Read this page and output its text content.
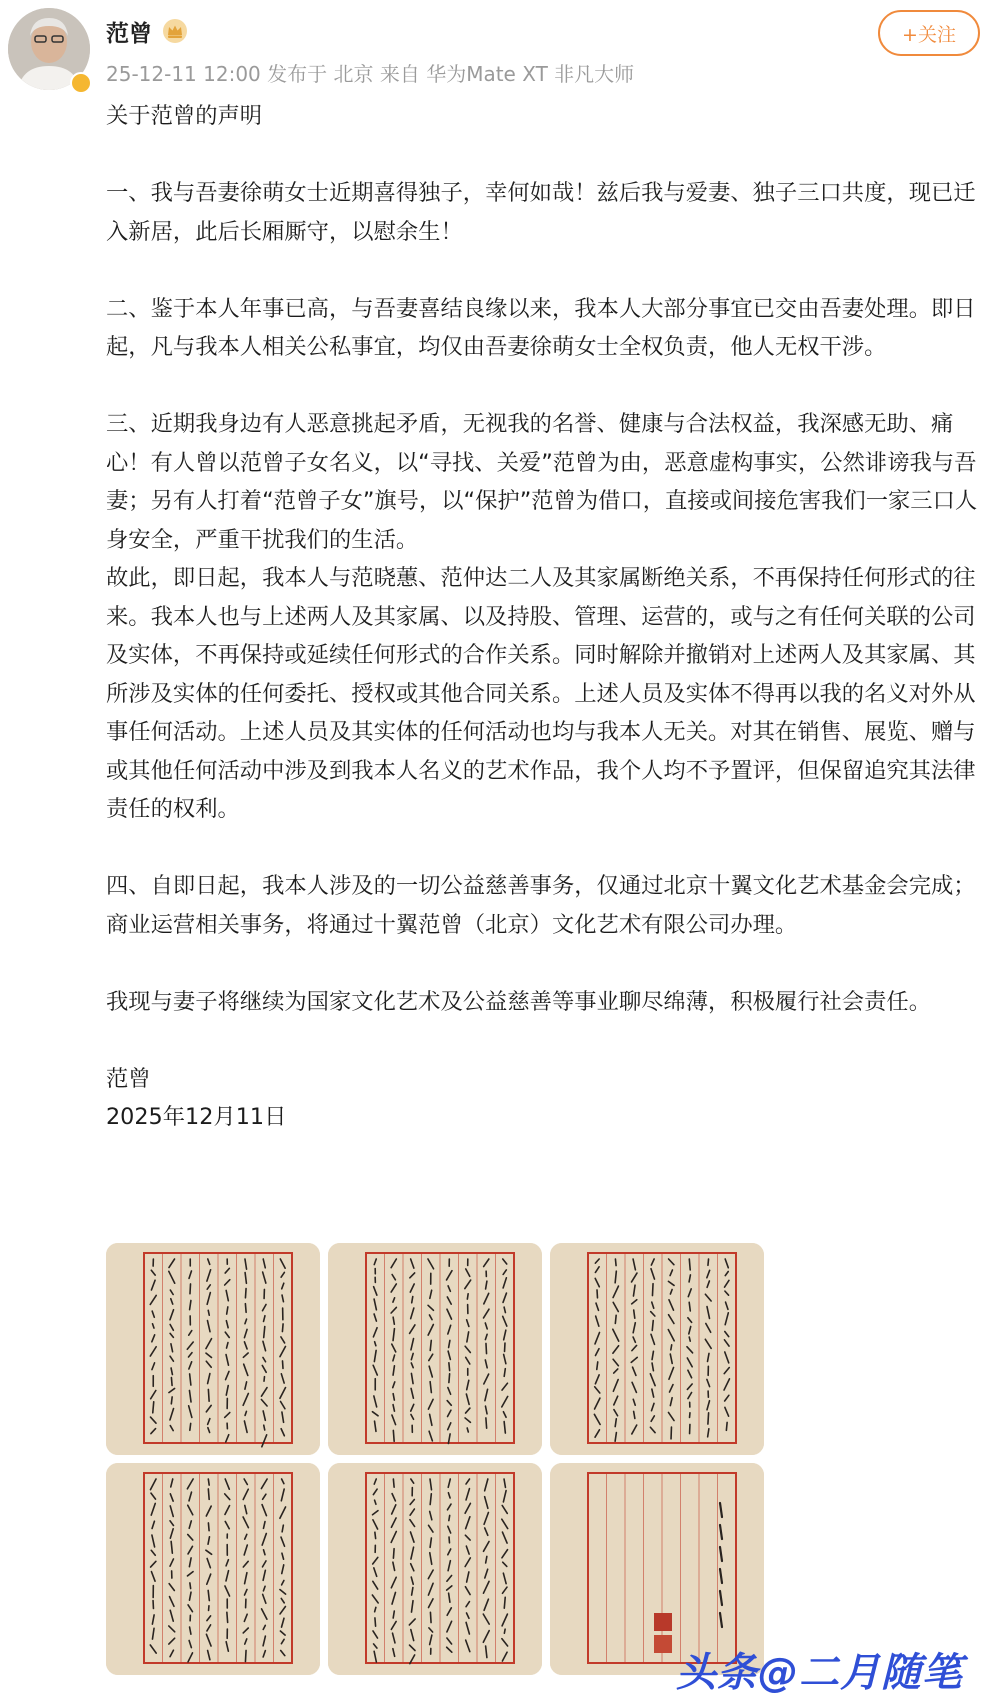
范曾
25-12-11 12:00 发布于 北京 来自 华为Mate XT 非凡大师
+关注

关于范曾的声明

一、我与吾妻徐萌女士近期喜得独子，幸何如哉！兹后我与爱妻、独子三口共度，现已迁入新居，此后长厢厮守，以慰余生！

二、鉴于本人年事已高，与吾妻喜结良缘以来，我本人大部分事宜已交由吾妻处理。即日起，凡与我本人相关公私事宜，均仅由吾妻徐萌女士全权负责，他人无权干涉。

三、近期我身边有人恶意挑起矛盾，无视我的名誉、健康与合法权益，我深感无助、痛心！有人曾以范曾子女名义，以“寻找、关爱”范曾为由，恶意虚构事实，公然诽谤我与吾妻；另有人打着“范曾子女”旗号，以“保护”范曾为借口，直接或间接危害我们一家三口人身安全，严重干扰我们的生活。
故此，即日起，我本人与范晓蕙、范仲达二人及其家属断绝关系，不再保持任何形式的往来。我本人也与上述两人及其家属、以及持股、管理、运营的，或与之有任何关联的公司及实体，不再保持或延续任何形式的合作关系。同时解除并撤销对上述两人及其家属、其所涉及实体的任何委托、授权或其他合同关系。上述人员及实体不得再以我的名义对外从事任何活动。上述人员及其实体的任何活动也均与我本人无关。对其在销售、展览、赠与或其他任何活动中涉及到我本人名义的艺术作品，我个人均不予置评，但保留追究其法律责任的权利。

四、自即日起，我本人涉及的一切公益慈善事务，仅通过北京十翼文化艺术基金会完成；商业运营相关事务，将通过十翼范曾（北京）文化艺术有限公司办理。

我现与妻子将继续为国家文化艺术及公益慈善等事业聊尽绵薄，积极履行社会责任。

范曾

2025年12月11日

头条@二月随笔
